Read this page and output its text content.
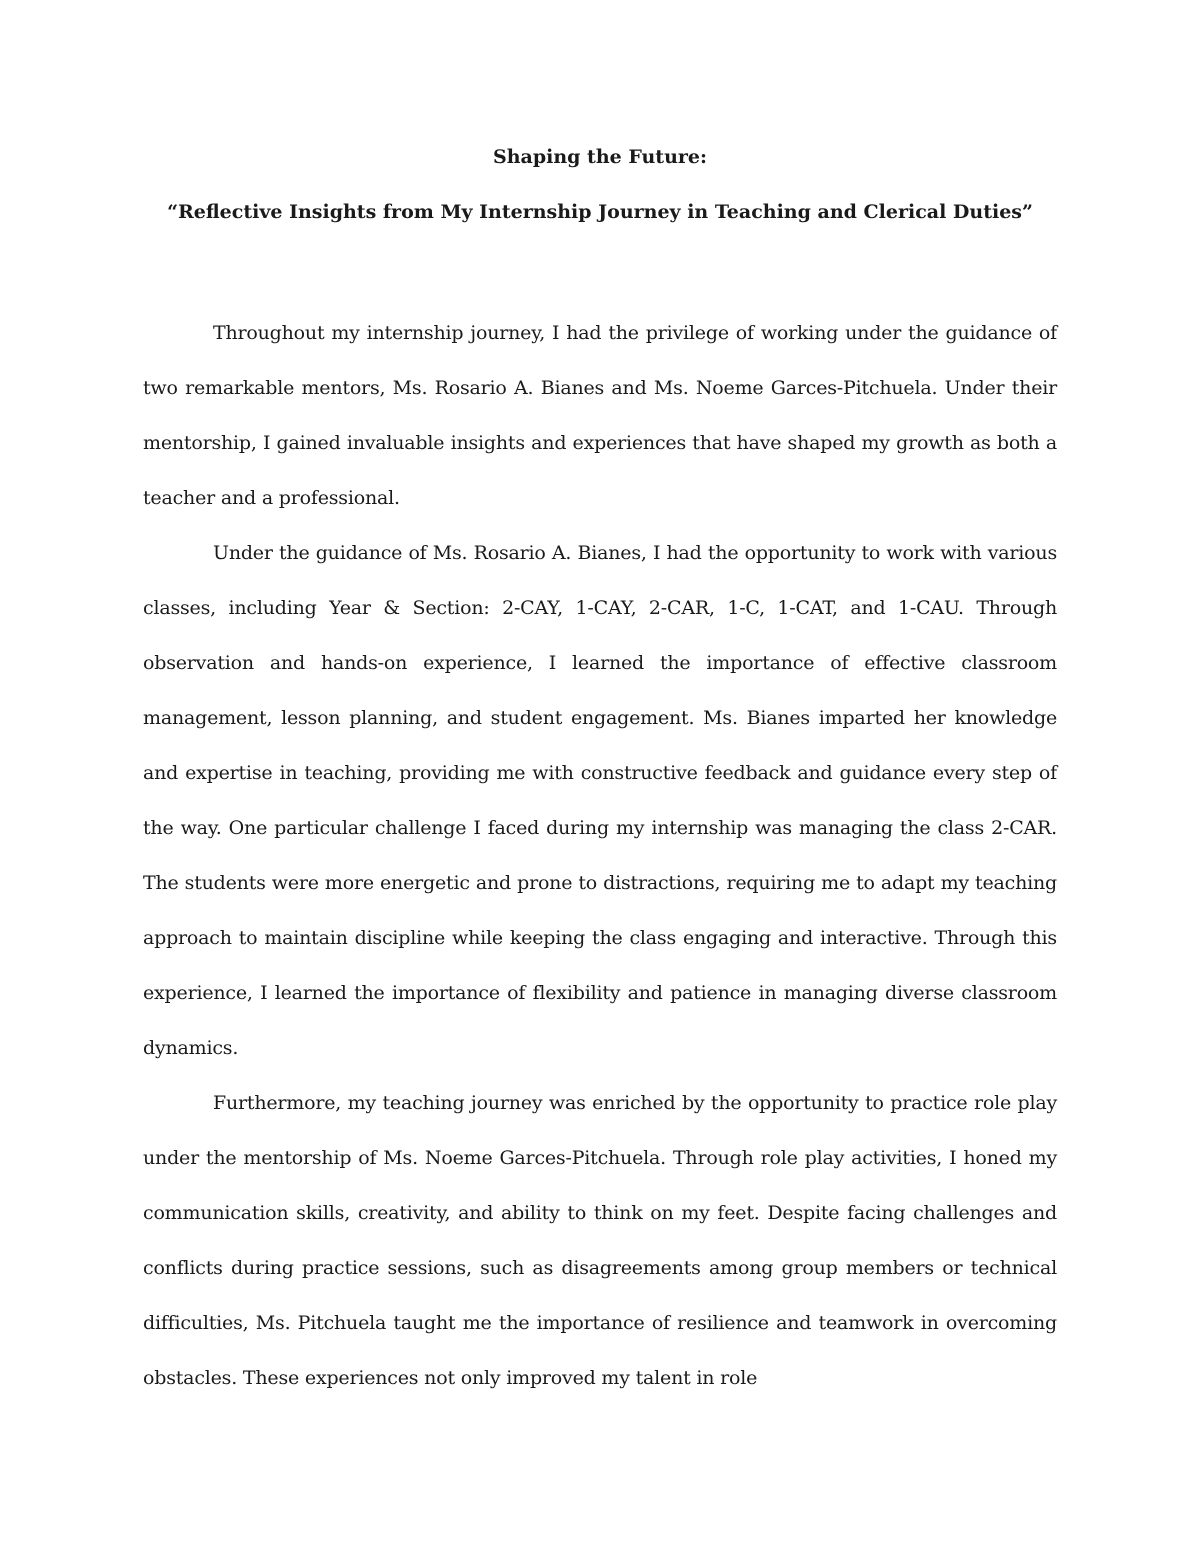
Shaping the Future:
“Reflective Insights from My Internship Journey in Teaching and Clerical Duties”

Throughout my internship journey, I had the privilege of working under the guidance of two remarkable mentors, Ms. Rosario A. Bianes and Ms. Noeme Garces-Pitchuela. Under their mentorship, I gained invaluable insights and experiences that have shaped my growth as both a teacher and a professional.

Under the guidance of Ms. Rosario A. Bianes, I had the opportunity to work with various classes, including Year & Section: 2-CAY, 1-CAY, 2-CAR, 1-C, 1-CAT, and 1-CAU. Through observation and hands-on experience, I learned the importance of effective classroom management, lesson planning, and student engagement. Ms. Bianes imparted her knowledge and expertise in teaching, providing me with constructive feedback and guidance every step of the way. One particular challenge I faced during my internship was managing the class 2-CAR. The students were more energetic and prone to distractions, requiring me to adapt my teaching approach to maintain discipline while keeping the class engaging and interactive. Through this experience, I learned the importance of flexibility and patience in managing diverse classroom dynamics.

Furthermore, my teaching journey was enriched by the opportunity to practice role play under the mentorship of Ms. Noeme Garces-Pitchuela. Through role play activities, I honed my communication skills, creativity, and ability to think on my feet. Despite facing challenges and conflicts during practice sessions, such as disagreements among group members or technical difficulties, Ms. Pitchuela taught me the importance of resilience and teamwork in overcoming obstacles. These experiences not only improved my talent in role
